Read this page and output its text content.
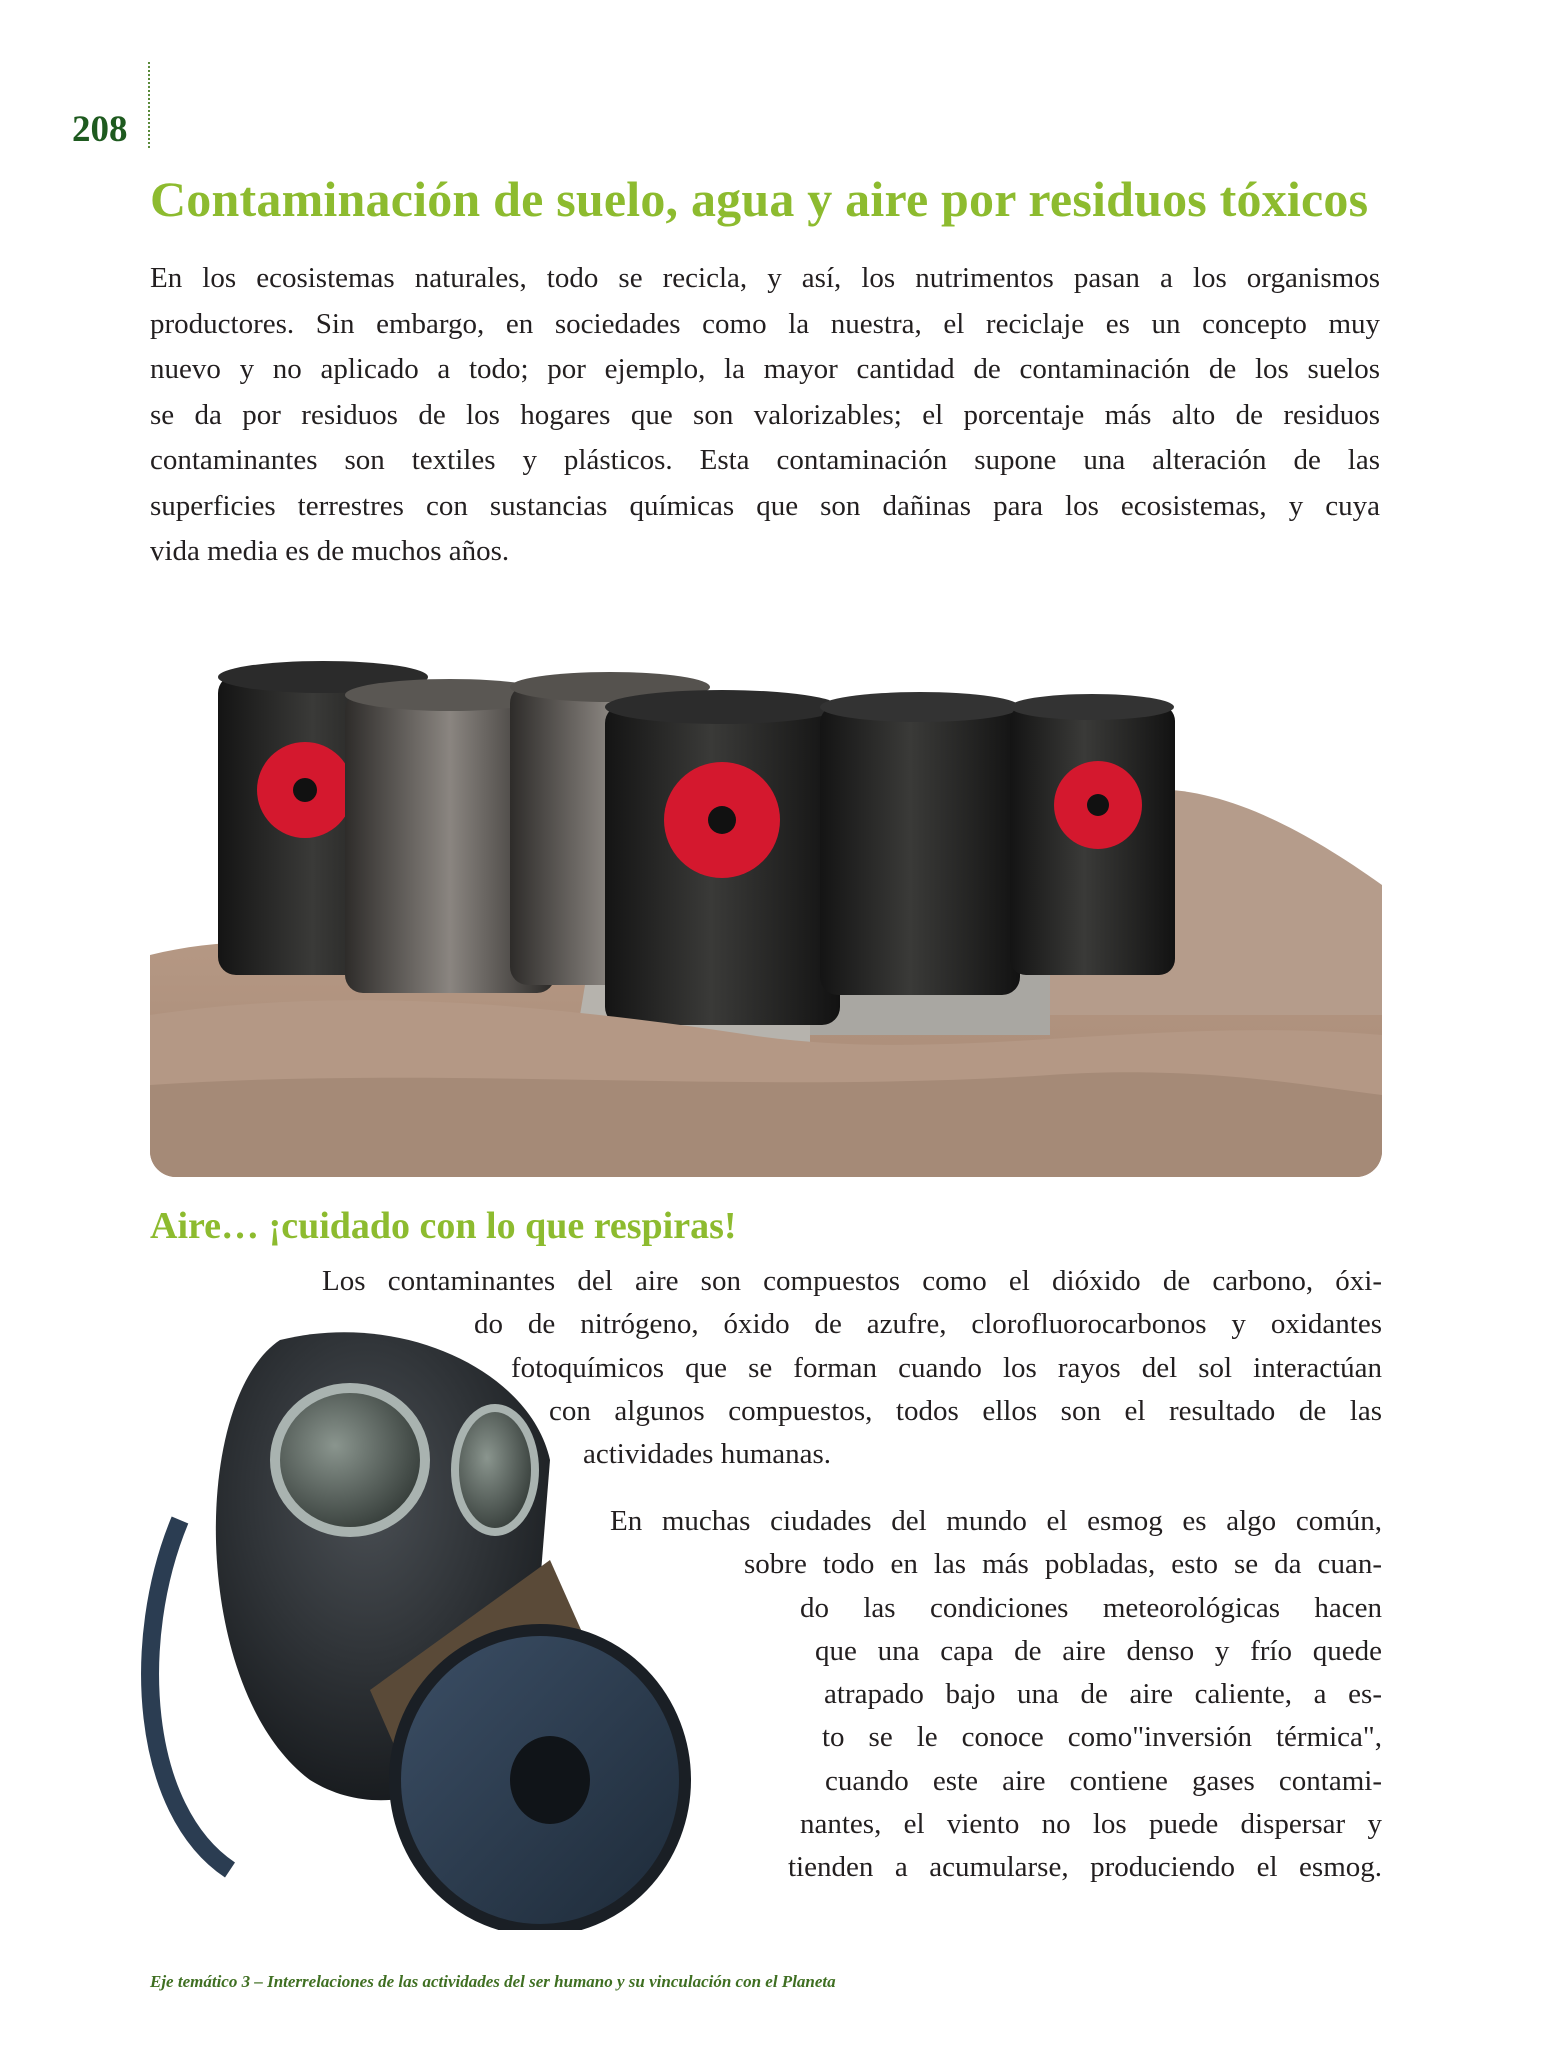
208
Contaminación de suelo, agua y aire por residuos tóxicos
En los ecosistemas naturales, todo se recicla, y así, los nutrimentos pasan a los organismos
productores. Sin embargo, en sociedades como la nuestra, el reciclaje es un concepto muy
nuevo y no aplicado a todo; por ejemplo, la mayor cantidad de contaminación de los suelos
se da por residuos de los hogares que son valorizables; el porcentaje más alto de residuos
contaminantes son textiles y plásticos. Esta contaminación supone una alteración de las
superficies terrestres con sustancias químicas que son dañinas para los ecosistemas, y cuya
vida media es de muchos años.
Aire… ¡cuidado con lo que respiras!
Los contaminantes del aire son compuestos como el dióxido de carbono, óxi-
do de nitrógeno, óxido de azufre, clorofluorocarbonos y oxidantes
fotoquímicos que se forman cuando los rayos del sol interactúan
con algunos compuestos, todos ellos son el resultado de las
actividades humanas.
En muchas ciudades del mundo el esmog es algo común,
sobre todo en las más pobladas, esto se da cuan-
do las condiciones meteorológicas hacen
que una capa de aire denso y frío quede
atrapado bajo una de aire caliente, a es-
to se le conoce como"inversión térmica",
cuando este aire contiene gases contami-
nantes, el viento no los puede dispersar y
tienden a acumularse, produciendo el esmog.
Eje temático 3 – Interrelaciones de las actividades del ser humano y su vinculación con el Planeta
